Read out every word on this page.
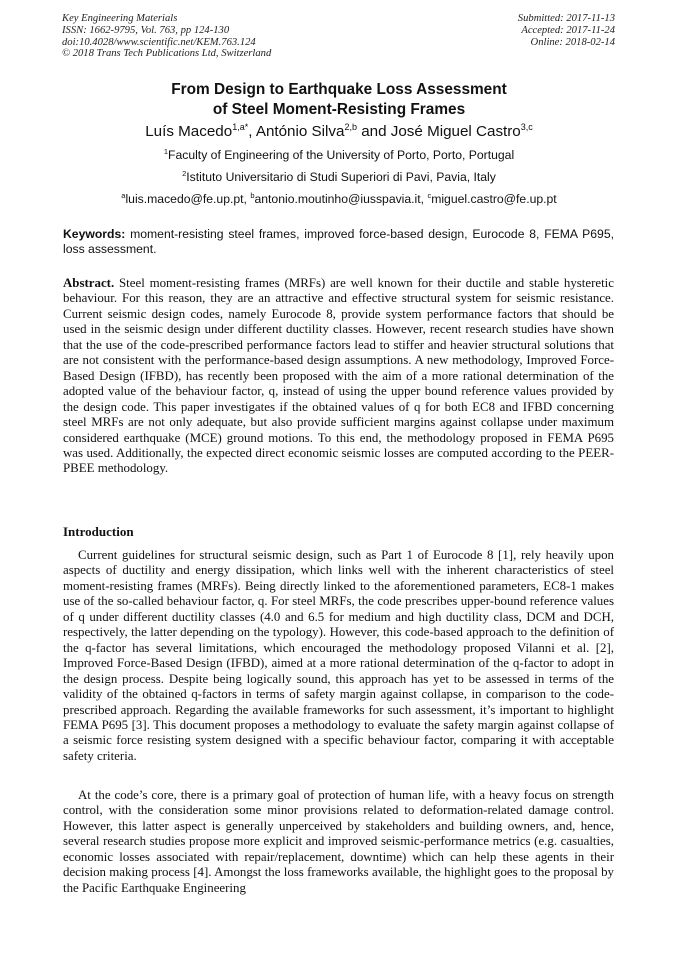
Key Engineering Materials
ISSN: 1662-9795, Vol. 763, pp 124-130
doi:10.4028/www.scientific.net/KEM.763.124
© 2018 Trans Tech Publications Ltd, Switzerland
Submitted: 2017-11-13
Accepted: 2017-11-24
Online: 2018-02-14
From Design to Earthquake Loss Assessment
of Steel Moment-Resisting Frames
Luís Macedo$^{1,a*}$, António Silva$^{2,b}$ and José Miguel Castro$^{3,c}$
$^1$Faculty of Engineering of the University of Porto, Porto, Portugal
$^2$Istituto Universitario di Studi Superiori di Pavi, Pavia, Italy
$^a$luis.macedo@fe.up.pt, $^b$antonio.moutinho@iusspavia.it, $^c$miguel.castro@fe.up.pt
Keywords: moment-resisting steel frames, improved force-based design, Eurocode 8, FEMA P695, loss assessment.
Abstract. Steel moment-resisting frames (MRFs) are well known for their ductile and stable hysteretic behaviour. For this reason, they are an attractive and effective structural system for seismic resistance. Current seismic design codes, namely Eurocode 8, provide system performance factors that should be used in the seismic design under different ductility classes. However, recent research studies have shown that the use of the code-prescribed performance factors lead to stiffer and heavier structural solutions that are not consistent with the performance-based design assumptions. A new methodology, Improved Force-Based Design (IFBD), has recently been proposed with the aim of a more rational determination of the adopted value of the behaviour factor, q, instead of using the upper bound reference values provided by the design code. This paper investigates if the obtained values of q for both EC8 and IFBD concerning steel MRFs are not only adequate, but also provide sufficient margins against collapse under maximum considered earthquake (MCE) ground motions. To this end, the methodology proposed in FEMA P695 was used. Additionally, the expected direct economic seismic losses are computed according to the PEER-PBEE methodology.
Introduction
Current guidelines for structural seismic design, such as Part 1 of Eurocode 8 [1], rely heavily upon aspects of ductility and energy dissipation, which links well with the inherent characteristics of steel moment-resisting frames (MRFs). Being directly linked to the aforementioned parameters, EC8-1 makes use of the so-called behaviour factor, q. For steel MRFs, the code prescribes upper-bound reference values of q under different ductility classes (4.0 and 6.5 for medium and high ductility class, DCM and DCH, respectively, the latter depending on the typology). However, this code-based approach to the definition of the q-factor has several limitations, which encouraged the methodology proposed Vilanni et al. [2], Improved Force-Based Design (IFBD), aimed at a more rational determination of the q-factor to adopt in the design process. Despite being logically sound, this approach has yet to be assessed in terms of the validity of the obtained q-factors in terms of safety margin against collapse, in comparison to the code-prescribed approach. Regarding the available frameworks for such assessment, it’s important to highlight FEMA P695 [3]. This document proposes a methodology to evaluate the safety margin against collapse of a seismic force resisting system designed with a specific behaviour factor, comparing it with acceptable safety criteria.
At the code’s core, there is a primary goal of protection of human life, with a heavy focus on strength control, with the consideration some minor provisions related to deformation-related damage control. However, this latter aspect is generally unperceived by stakeholders and building owners, and, hence, several research studies propose more explicit and improved seismic-performance metrics (e.g. casualties, economic losses associated with repair/replacement, downtime) which can help these agents in their decision making process [4]. Amongst the loss frameworks available, the highlight goes to the proposal by the Pacific Earthquake Engineering
